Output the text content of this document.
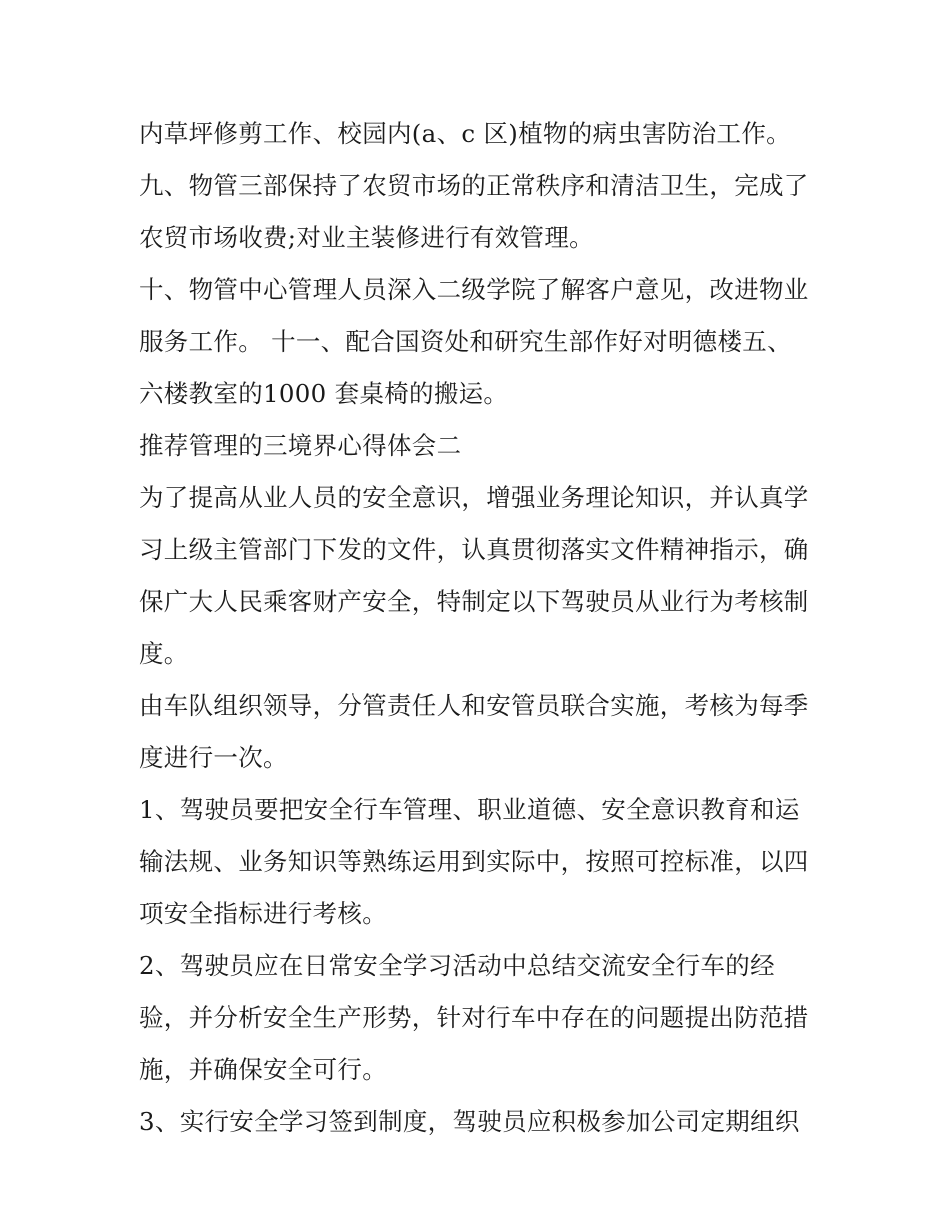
内草坪修剪工作、校园内(a、c 区)植物的病虫害防治工作。
九、物管三部保持了农贸市场的正常秩序和清洁卫生，完成了
农贸市场收费;对业主装修进行有效管理。
十、物管中心管理人员深入二级学院了解客户意见，改进物业
服务工作。 十一、配合国资处和研究生部作好对明德楼五、
六楼教室的1000 套桌椅的搬运。
推荐管理的三境界心得体会二
为了提高从业人员的安全意识，增强业务理论知识，并认真学
习上级主管部门下发的文件，认真贯彻落实文件精神指示，确
保广大人民乘客财产安全，特制定以下驾驶员从业行为考核制
度。
由车队组织领导，分管责任人和安管员联合实施，考核为每季
度进行一次。
1、驾驶员要把安全行车管理、职业道德、安全意识教育和运
输法规、业务知识等熟练运用到实际中，按照可控标准，以四
项安全指标进行考核。
2、驾驶员应在日常安全学习活动中总结交流安全行车的经
验，并分析安全生产形势，针对行车中存在的问题提出防范措
施，并确保安全可行。
3、实行安全学习签到制度，驾驶员应积极参加公司定期组织
